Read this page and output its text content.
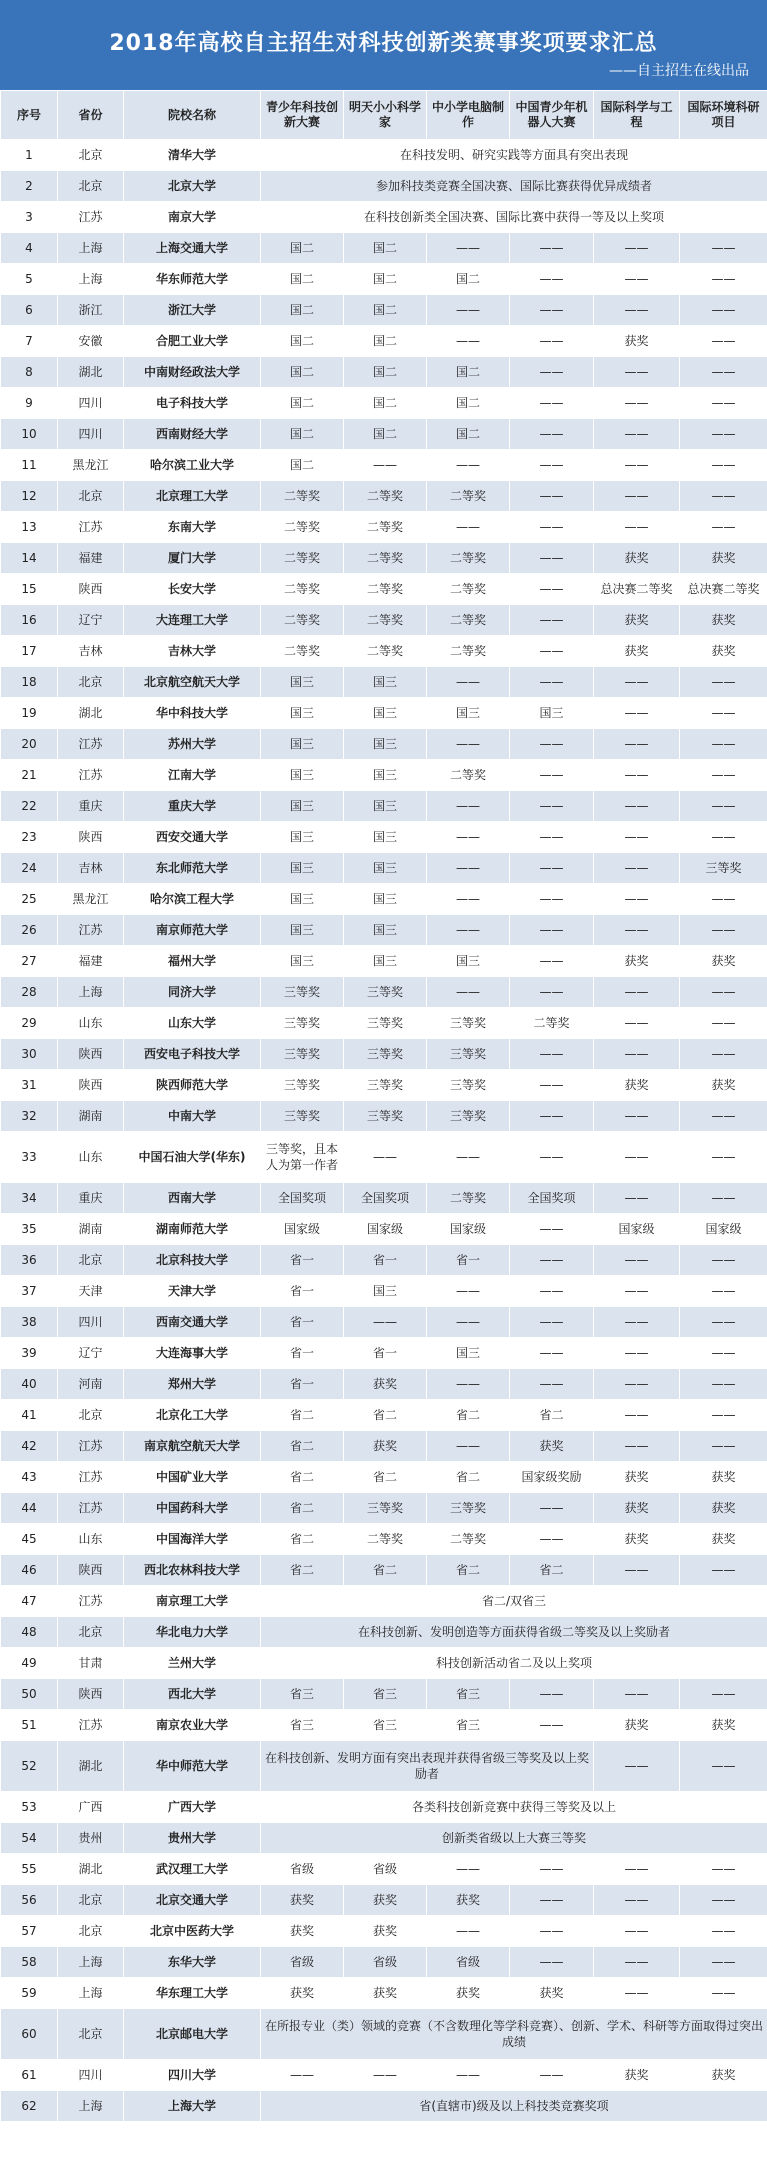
2018年高校自主招生对科技创新类赛事奖项要求汇总
——自主招生在线出品
序号	省份	院校名称	青少年科技创新大赛	明天小小科学家	中小学电脑制作	中国青少年机器人大赛	国际科学与工程	国际环境科研项目
1	北京	清华大学	在科技发明、研究实践等方面具有突出表现					
2	北京	北京大学	参加科技类竞赛全国决赛、国际比赛获得优异成绩者					
3	江苏	南京大学	在科技创新类全国决赛、国际比赛中获得一等及以上奖项					
4	上海	上海交通大学	国二	国二	——	——	——	——
5	上海	华东师范大学	国二	国二	国二	——	——	——
6	浙江	浙江大学	国二	国二	——	——	——	——
7	安徽	合肥工业大学	国二	国二	——	——	获奖	——
8	湖北	中南财经政法大学	国二	国二	国二	——	——	——
9	四川	电子科技大学	国二	国二	国二	——	——	——
10	四川	西南财经大学	国二	国二	国二	——	——	——
11	黑龙江	哈尔滨工业大学	国二	——	——	——	——	——
12	北京	北京理工大学	二等奖	二等奖	二等奖	——	——	——
13	江苏	东南大学	二等奖	二等奖	——	——	——	——
14	福建	厦门大学	二等奖	二等奖	二等奖	——	获奖	获奖
15	陕西	长安大学	二等奖	二等奖	二等奖	——	总决赛二等奖	总决赛二等奖
16	辽宁	大连理工大学	二等奖	二等奖	二等奖	——	获奖	获奖
17	吉林	吉林大学	二等奖	二等奖	二等奖	——	获奖	获奖
18	北京	北京航空航天大学	国三	国三	——	——	——	——
19	湖北	华中科技大学	国三	国三	国三	国三	——	——
20	江苏	苏州大学	国三	国三	——	——	——	——
21	江苏	江南大学	国三	国三	二等奖	——	——	——
22	重庆	重庆大学	国三	国三	——	——	——	——
23	陕西	西安交通大学	国三	国三	——	——	——	——
24	吉林	东北师范大学	国三	国三	——	——	——	三等奖
25	黑龙江	哈尔滨工程大学	国三	国三	——	——	——	——
26	江苏	南京师范大学	国三	国三	——	——	——	——
27	福建	福州大学	国三	国三	国三	——	获奖	获奖
28	上海	同济大学	三等奖	三等奖	——	——	——	——
29	山东	山东大学	三等奖	三等奖	三等奖	二等奖	——	——
30	陕西	西安电子科技大学	三等奖	三等奖	三等奖	——	——	——
31	陕西	陕西师范大学	三等奖	三等奖	三等奖	——	获奖	获奖
32	湖南	中南大学	三等奖	三等奖	三等奖	——	——	——
33	山东	中国石油大学(华东)	三等奖，且本人为第一作者	——	——	——	——	——
34	重庆	西南大学	全国奖项	全国奖项	二等奖	全国奖项	——	——
35	湖南	湖南师范大学	国家级	国家级	国家级	——	国家级	国家级
36	北京	北京科技大学	省一	省一	省一	——	——	——
37	天津	天津大学	省一	国三	——	——	——	——
38	四川	西南交通大学	省一	——	——	——	——	——
39	辽宁	大连海事大学	省一	省一	国三	——	——	——
40	河南	郑州大学	省一	获奖	——	——	——	——
41	北京	北京化工大学	省二	省二	省二	省二	——	——
42	江苏	南京航空航天大学	省二	获奖	——	获奖	——	——
43	江苏	中国矿业大学	省二	省二	省二	国家级奖励	获奖	获奖
44	江苏	中国药科大学	省二	三等奖	三等奖	——	获奖	获奖
45	山东	中国海洋大学	省二	二等奖	二等奖	——	获奖	获奖
46	陕西	西北农林科技大学	省二	省二	省二	省二	——	——
47	江苏	南京理工大学	省二/双省三					
48	北京	华北电力大学	在科技创新、发明创造等方面获得省级二等奖及以上奖励者					
49	甘肃	兰州大学	科技创新活动省二及以上奖项					
50	陕西	西北大学	省三	省三	省三	——	——	——
51	江苏	南京农业大学	省三	省三	省三	——	获奖	获奖
52	湖北	华中师范大学	在科技创新、发明方面有突出表现并获得省级三等奖及以上奖励者				——	——
53	广西	广西大学	各类科技创新竞赛中获得三等奖及以上					
54	贵州	贵州大学	创新类省级以上大赛三等奖					
55	湖北	武汉理工大学	省级	省级	——	——	——	——
56	北京	北京交通大学	获奖	获奖	获奖	——	——	——
57	北京	北京中医药大学	获奖	获奖	——	——	——	——
58	上海	东华大学	省级	省级	省级	——	——	——
59	上海	华东理工大学	获奖	获奖	获奖	获奖	——	——
60	北京	北京邮电大学	在所报专业（类）领域的竞赛（不含数理化等学科竞赛）、创新、学术、科研等方面取得过突出成绩					
61	四川	四川大学	——	——	——	——	获奖	获奖
62	上海	上海大学	省(直辖市)级及以上科技类竞赛奖项					
